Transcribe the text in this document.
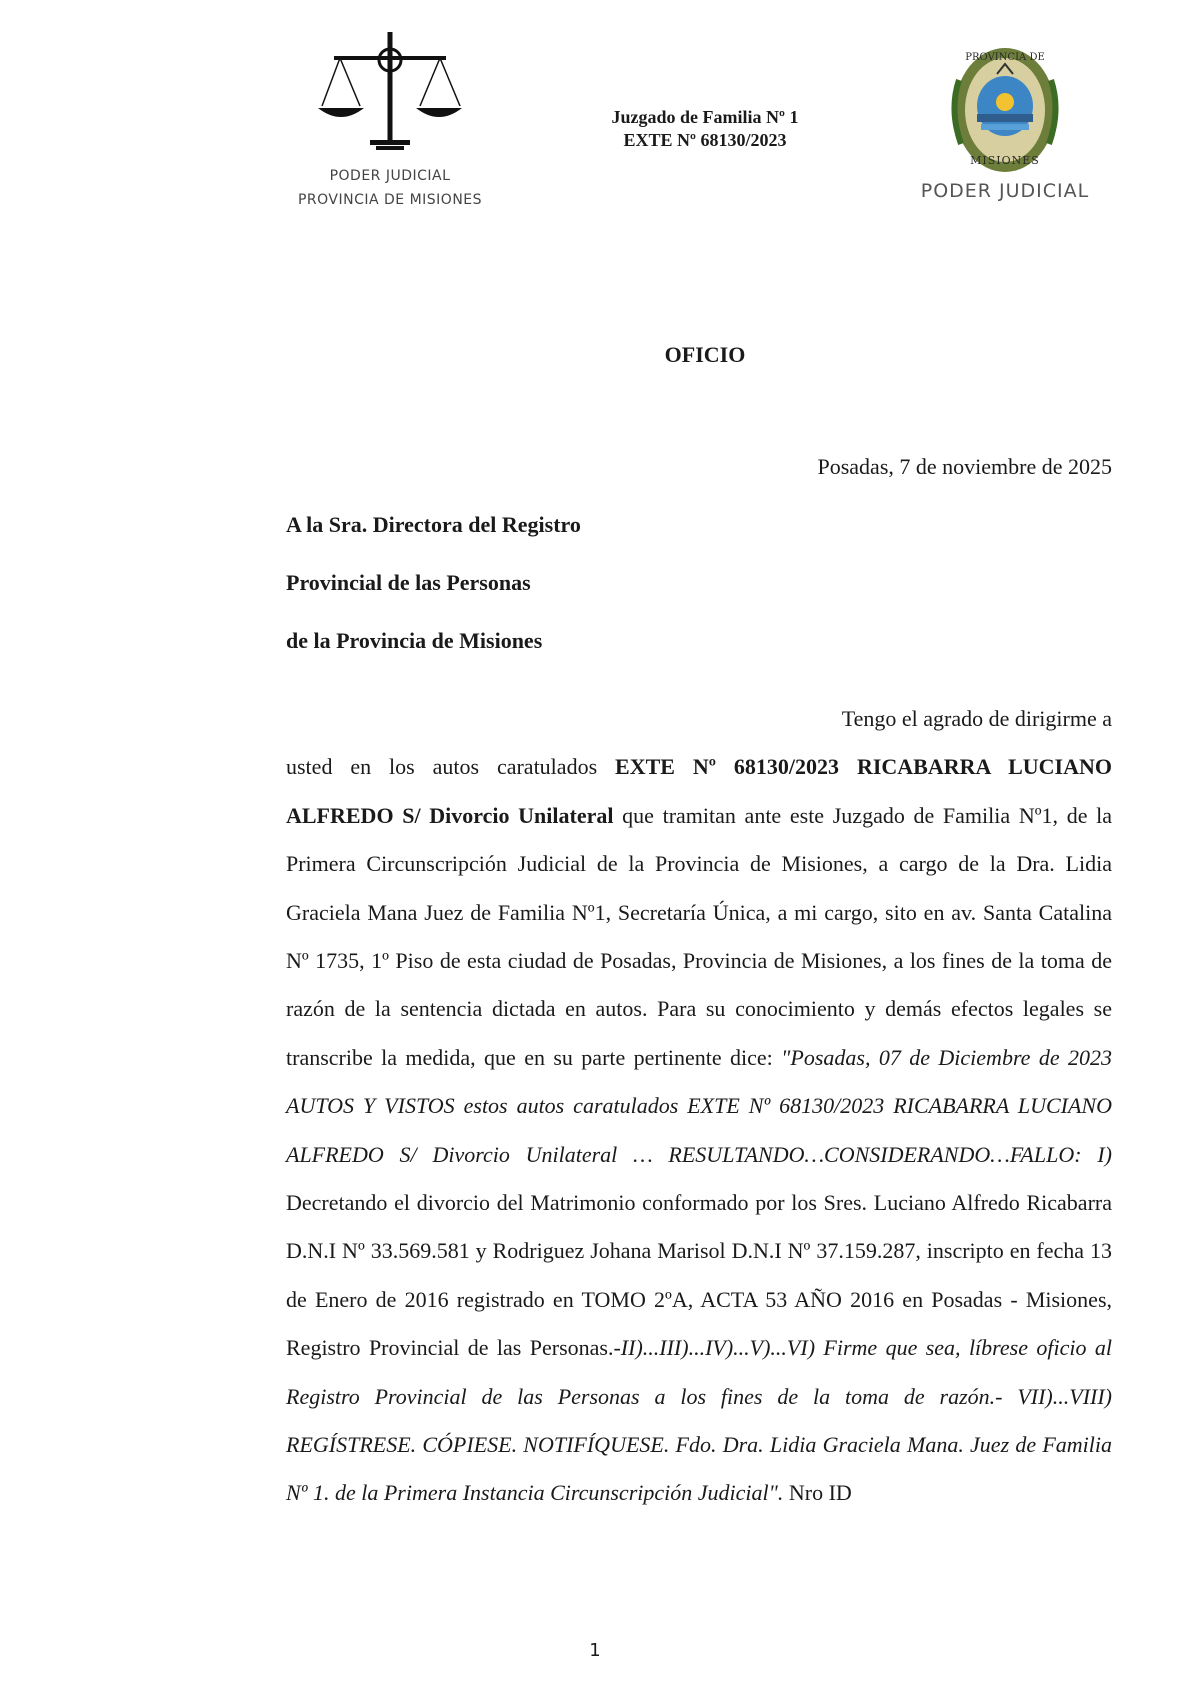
PODER JUDICIAL
PROVINCIA DE MISIONES
Juzgado de Familia Nº 1
EXTE Nº 68130/2023
PROVINCIA DE
MISIONES
PODER JUDICIAL
OFICIO
Posadas, 7 de noviembre de 2025
A la Sra. Directora del Registro
Provincial de las Personas
de la Provincia de Misiones
Tengo el agrado de dirigirme a
usted en los autos caratulados EXTE Nº 68130/2023 RICABARRA LUCIANO ALFREDO S/ Divorcio Unilateral que tramitan ante este Juzgado de Familia Nº1, de la Primera Circunscripción Judicial de la Provincia de Misiones, a cargo de la Dra. Lidia Graciela Mana Juez de Familia Nº1, Secretaría Única, a mi cargo, sito en av. Santa Catalina Nº 1735, 1º Piso de esta ciudad de Posadas, Provincia de Misiones, a los fines de la toma de razón de la sentencia dictada en autos. Para su conocimiento y demás efectos legales se transcribe la medida, que en su parte pertinente dice: "Posadas, 07 de Diciembre de 2023 AUTOS Y VISTOS estos autos caratulados EXTE Nº 68130/2023 RICABARRA LUCIANO ALFREDO S/ Divorcio Unilateral … RESULTANDO…CONSIDERANDO…FALLO: I) Decretando el divorcio del Matrimonio conformado por los Sres. Luciano Alfredo Ricabarra D.N.I Nº 33.569.581 y Rodriguez Johana Marisol D.N.I Nº 37.159.287, inscripto en fecha 13 de Enero de 2016 registrado en TOMO 2ºA, ACTA 53 AÑO 2016 en Posadas - Misiones, Registro Provincial de las Personas.-II)...III)...IV)...V)...VI) Firme que sea, líbrese oficio al Registro Provincial de las Personas a los fines de la toma de razón.- VII)...VIII) REGÍSTRESE. CÓPIESE. NOTIFÍQUESE. Fdo. Dra. Lidia Graciela Mana. Juez de Familia Nº 1. de la Primera Instancia Circunscripción Judicial". Nro ID
1
